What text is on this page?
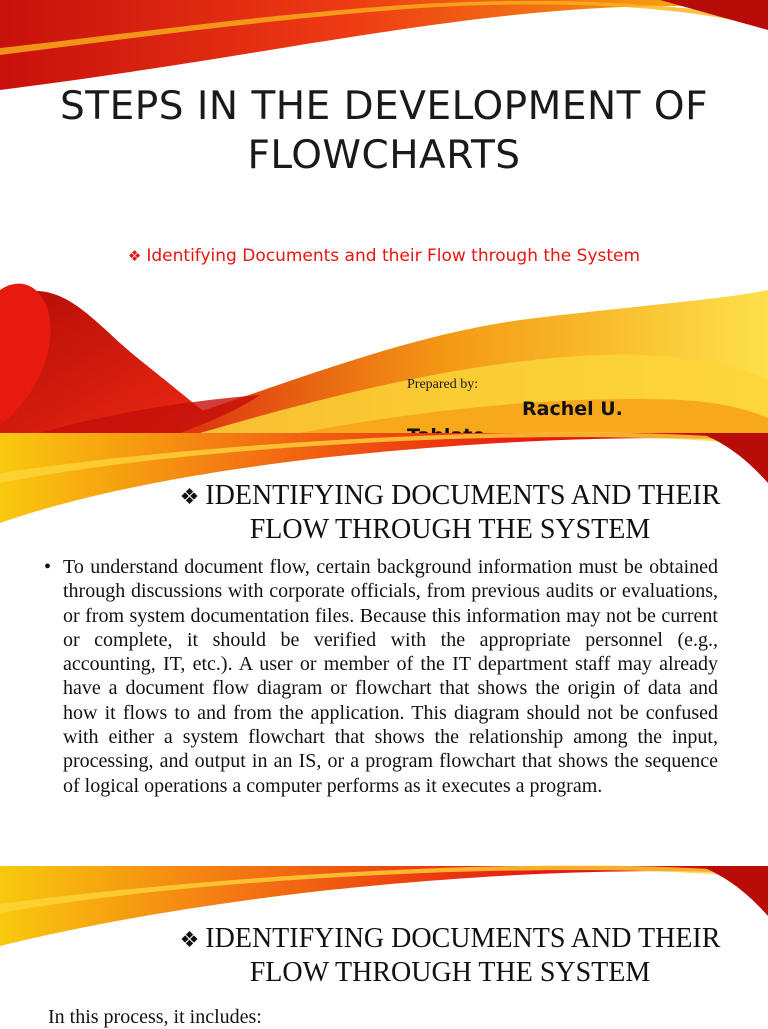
STEPS IN THE DEVELOPMENT OF FLOWCHARTS
❖ Identifying Documents and their Flow through the System
Prepared by:
Rachel U.
❖ IDENTIFYING DOCUMENTS AND THEIR FLOW THROUGH THE SYSTEM
• To understand document flow, certain background information must be obtained through discussions with corporate officials, from previous audits or evaluations, or from system documentation files. Because this information may not be current or complete, it should be verified with the appropriate personnel (e.g., accounting, IT, etc.). A user or member of the IT department staff may already have a document flow diagram or flowchart that shows the origin of data and how it flows to and from the application. This diagram should not be confused with either a system flowchart that shows the relationship among the input, processing, and output in an IS, or a program flowchart that shows the sequence of logical operations a computer performs as it executes a program.

❖ IDENTIFYING DOCUMENTS AND THEIR FLOW THROUGH THE SYSTEM
In this process, it includes:
